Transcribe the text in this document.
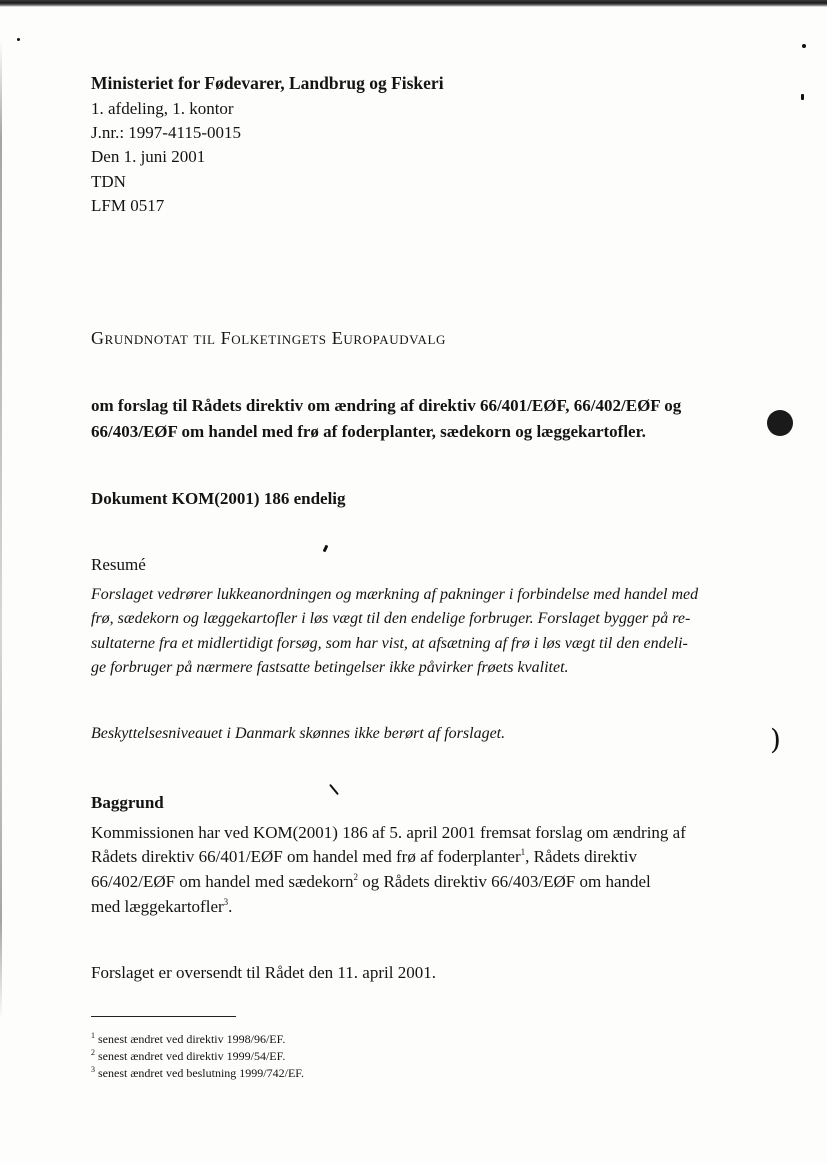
)
Ministeriet for Fødevarer, Landbrug og Fiskeri
1. afdeling, 1. kontor
J.nr.: 1997-4115-0015
Den 1. juni 2001
TDN
LFM 0517
Grundnotat til Folketingets Europaudvalg
om forslag til Rådets direktiv om ændring af direktiv 66/401/EØF, 66/402/EØF og
66/403/EØF om handel med frø af foderplanter, sædekorn og læggekartofler.
Dokument KOM(2001) 186 endelig
Resumé
Forslaget vedrører lukkeanordningen og mærkning af pakninger i forbindelse med handel med
frø, sædekorn og læggekartofler i løs vægt til den endelige forbruger. Forslaget bygger på re-
sultaterne fra et midlertidigt forsøg, som har vist, at afsætning af frø i løs vægt til den endeli-
ge forbruger på nærmere fastsatte betingelser ikke påvirker frøets kvalitet.
Beskyttelsesniveauet i Danmark skønnes ikke berørt af forslaget.
Baggrund
Kommissionen har ved KOM(2001) 186 af 5. april 2001 fremsat forslag om ændring af
Rådets direktiv 66/401/EØF om handel med frø af foderplanter$^1$, Rådets direktiv
66/402/EØF om handel med sædekorn$^2$ og Rådets direktiv 66/403/EØF om handel
med læggekartofler$^3$.
Forslaget er oversendt til Rådet den 11. april 2001.
$^1$ senest ændret ved direktiv 1998/96/EF.
$^2$ senest ændret ved direktiv 1999/54/EF.
$^3$ senest ændret ved beslutning 1999/742/EF.
